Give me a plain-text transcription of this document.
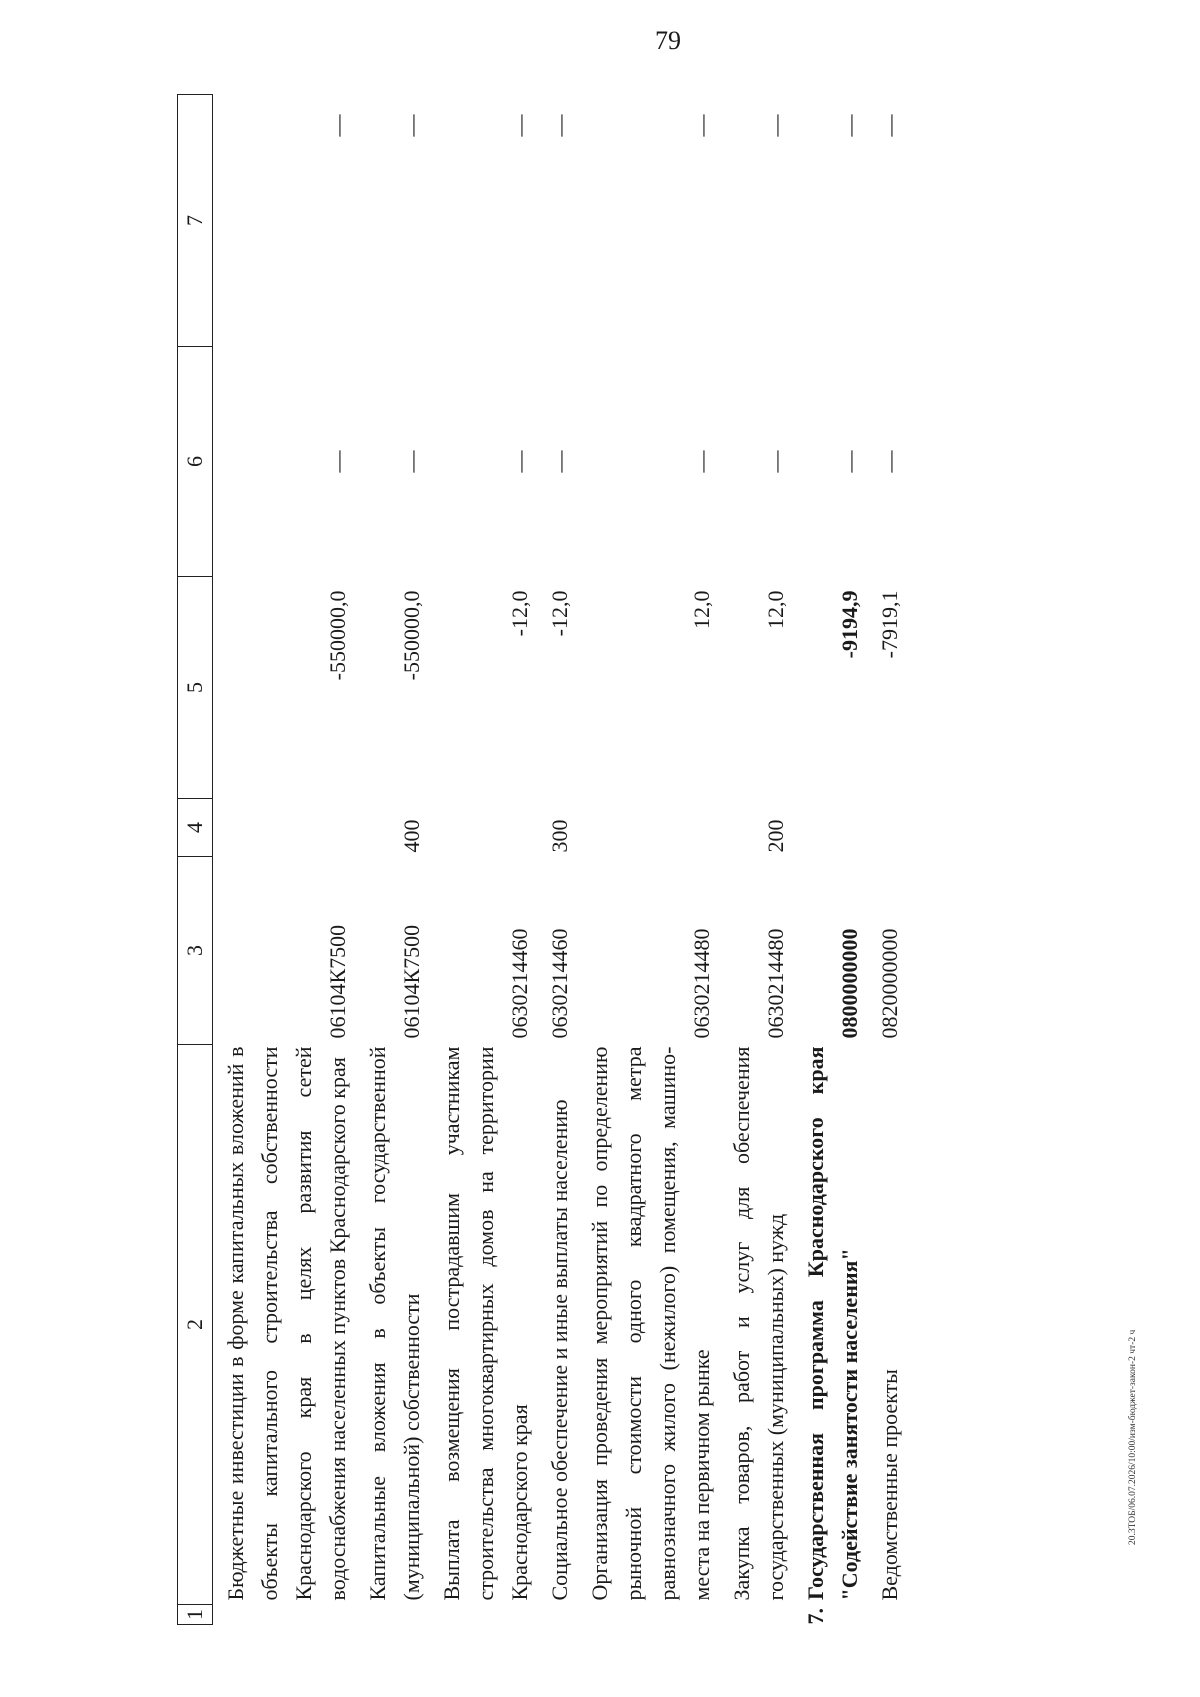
79
20.3ТОБ/06.07.2026/10:00/изм-бюджет-закон-2 чт-2 ч
1	2	3	4	5	6	7
	Бюджетные инвестиции в форме капитальных вложений в объекты капитального строительства собственности Краснодарского края в целях развития сетей водоснабжения населенных пунктов Краснодарского края	06104К7500		-550000,0	—	—
	Капитальные вложения в объекты государственной (муниципальной) собственности	06104К7500	400	-550000,0	—	—
	Выплата возмещения пострадавшим участникам строительства многоквартирных домов на территории Краснодарского края	0630214460		-12,0	—	—
	Социальное обеспечение и иные выплаты населению	0630214460	300	-12,0	—	—
	Организация проведения мероприятий по определению рыночной стоимости одного квадратного метра равнозначного жилого (нежилого) помещения, машино-места на первичном рынке	0630214480		12,0	—	—
	Закупка товаров, работ и услуг для обеспечения государственных (муниципальных) нужд	0630214480	200	12,0	—	—
	7.Государственная программа Краснодарского края "Содействие занятости населения"	0800000000		-9194,9	—	—
	Ведомственные проекты	0820000000		-7919,1	—	—
